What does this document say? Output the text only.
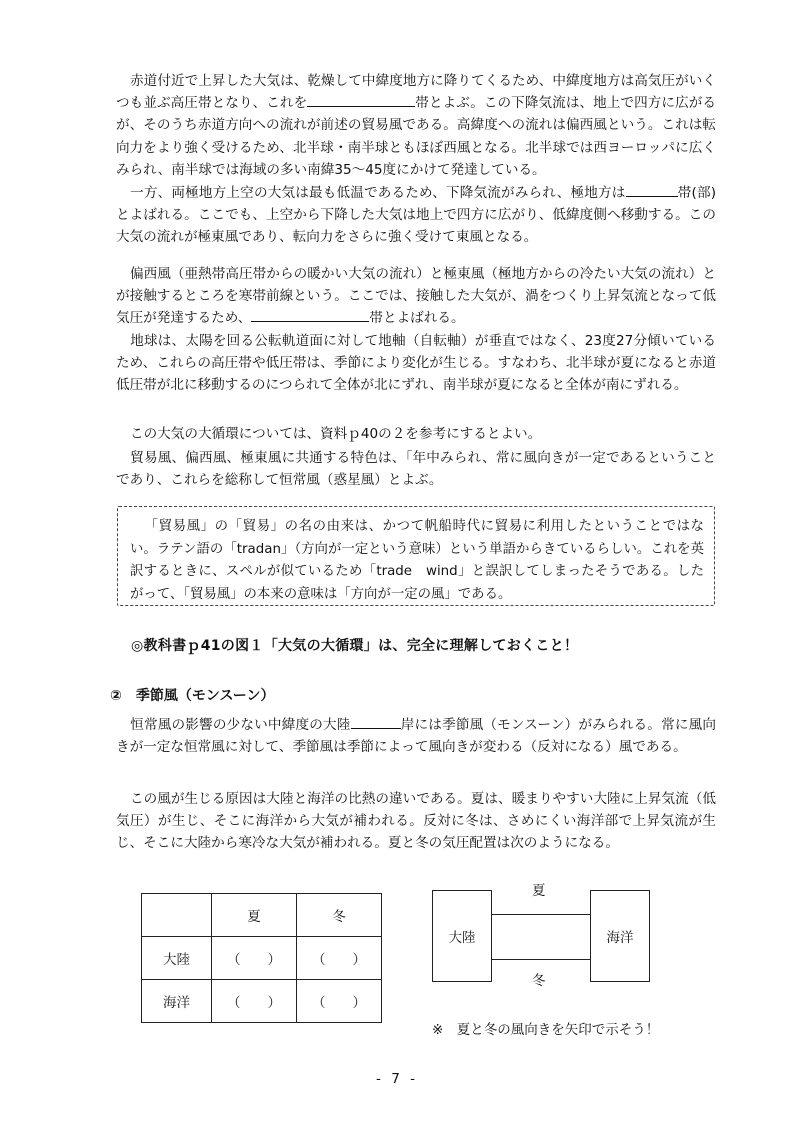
赤道付近で上昇した大気は、乾燥して中緯度地方に降りてくるため、中緯度地方は高気圧がいくつも並ぶ高圧帯となり、これを	帯とよぶ。この下降気流は、地上で四方に広がるが、そのうち赤道方向への流れが前述の貿易風である。高緯度への流れは偏西風という。これは転向力をより強く受けるため、北半球・南半球ともほぼ西風となる。北半球では西ヨーロッパに広くみられ、南半球では海域の多い南緯35～45度にかけて発達している。

一方、両極地方上空の大気は最も低温であるため、下降気流がみられ、極地方は	帯(部)とよばれる。ここでも、上空から下降した大気は地上で四方に広がり、低緯度側へ移動する。この大気の流れが極東風であり、転向力をさらに強く受けて東風となる。

偏西風（亜熱帯高圧帯からの暖かい大気の流れ）と極東風（極地方からの冷たい大気の流れ）とが接触するところを寒帯前線という。ここでは、接触した大気が、渦をつくり上昇気流となって低気圧が発達するため、	帯とよばれる。

地球は、太陽を回る公転軌道面に対して地軸（自転軸）が垂直ではなく、23度27分傾いているため、これらの高圧帯や低圧帯は、季節により変化が生じる。すなわち、北半球が夏になると赤道低圧帯が北に移動するのにつられて全体が北にずれ、南半球が夏になると全体が南にずれる。

この大気の大循環については、資料ｐ40の２を参考にするとよい。

貿易風、偏西風、極東風に共通する特色は、「年中みられ、常に風向きが一定であるということであり、これらを総称して恒常風（惑星風）とよぶ。

「貿易風」の「貿易」の名の由来は、かつて帆船時代に貿易に利用したということではない。ラテン語の「tradan」（方向が一定という意味）という単語からきているらしい。これを英訳するときに、スペルが似ているため「trade　wind」と誤訳してしまったそうである。したがって、「貿易風」の本来の意味は「方向が一定の風」である。
◎教科書ｐ41の図１「大気の大循環」は、完全に理解しておくこと！
② 季節風（モンスーン）

恒常風の影響の少ない中緯度の大陸	岸には季節風（モンスーン）がみられる。常に風向きが一定な恒常風に対して、季節風は季節によって風向きが変わる（反対になる）風である。

この風が生じる原因は大陸と海洋の比熱の違いである。夏は、暖まりやすい大陸に上昇気流（低気圧）が生じ、そこに海洋から大気が補われる。反対に冬は、さめにくい海洋部で上昇気流が生じ、そこに大陸から寒冷な大気が補われる。夏と冬の気圧配置は次のようになる。

	夏	冬
大陸	（　　）	（　　）
海洋	（　　）	（　　）
大陸	海洋
夏
冬
※　夏と冬の風向きを矢印で示そう！
- 7 -
